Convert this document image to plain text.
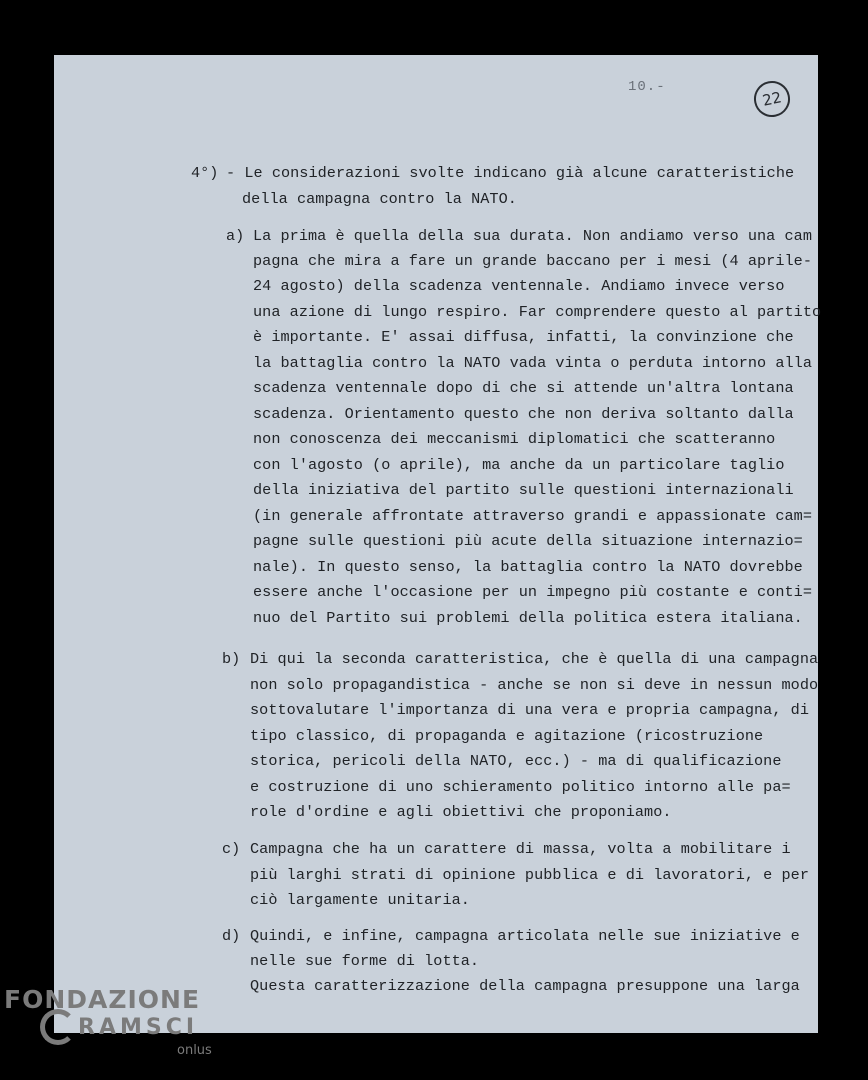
10.-
22
4°) - Le considerazioni svolte indicano già alcune caratteristiche
della campagna contro la NATO.
a) La prima è quella della sua durata. Non andiamo verso una cam
pagna che mira a fare un grande baccano per i mesi (4 aprile-
24 agosto) della scadenza ventennale. Andiamo invece verso
una azione di lungo respiro. Far comprendere questo al partito
è importante. E' assai diffusa, infatti, la convinzione che
la battaglia contro la NATO vada vinta o perduta intorno alla
scadenza ventennale dopo di che si attende un'altra lontana
scadenza. Orientamento questo che non deriva soltanto dalla
non conoscenza dei meccanismi diplomatici che scatteranno
con l'agosto (o aprile), ma anche da un particolare taglio
della iniziativa del partito sulle questioni internazionali
(in generale affrontate attraverso grandi e appassionate cam=
pagne sulle questioni più acute della situazione internazio=
nale). In questo senso, la battaglia contro la NATO dovrebbe
essere anche l'occasione per un impegno più costante e conti=
nuo del Partito sui problemi della politica estera italiana.
b) Di qui la seconda caratteristica, che è quella di una campagna
non solo propagandistica - anche se non si deve in nessun modo
sottovalutare l'importanza di una vera e propria campagna, di
tipo classico, di propaganda e agitazione (ricostruzione
storica, pericoli della NATO, ecc.) - ma di qualificazione
e costruzione di uno schieramento politico intorno alle pa=
role d'ordine e agli obiettivi che proponiamo.
c) Campagna che ha un carattere di massa, volta a mobilitare i
più larghi strati di opinione pubblica e di lavoratori, e per
ciò largamente unitaria.
d) Quindi, e infine, campagna articolata nelle sue iniziative e
nelle sue forme di lotta.
Questa caratterizzazione della campagna presuppone una larga
FONDAZIONE
RAMSCI
onlus
